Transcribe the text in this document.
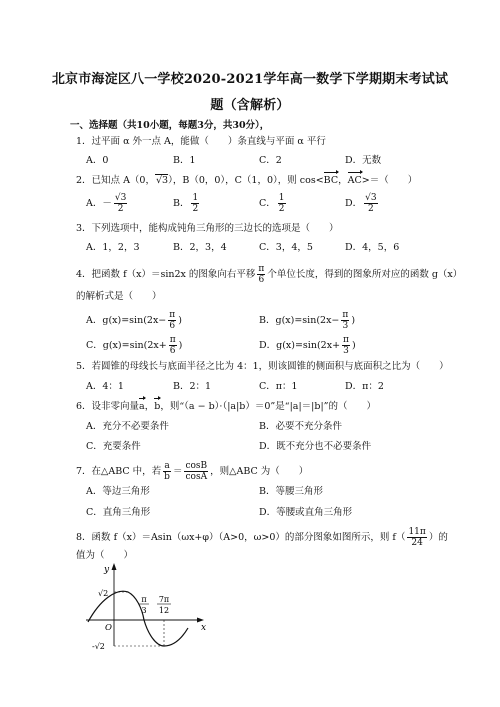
北京市海淀区八一学校2020-2021学年高一数学下学期期末考试试
题（含解析）
一、选择题（共10小题，每题3分，共30分），
1．过平面 α 外一点 A，能做（　　）条直线与平面 α 平行
A．0	B．1	C．2	D．无数
2．已知点 A（0，√3），B（0，0），C（1，0），则 cos<BC，AC>＝（　　）
A．－ $\frac{√3}{2}$	B． $\frac{1}{2}$	C． $\frac{1}{2}$	D． $\frac{√3}{2}$
3．下列选项中，能构成钝角三角形的三边长的选项是（　　）
A．1，2，3	B．2，3，4	C．3，4，5	D．4，5，6
4．把函数 f（x）＝sin2x 的图象向右平移 $\frac{\pi}{6}$ 个单位长度，得到的图象所对应的函数 g（x）
的解析式是（　　）
A．$g(x)=\sin(2x- \frac{\pi}{6}$ )	B．$g(x)=\sin(2x- \frac{\pi}{3}$ )
C．$g(x)=\sin(2x+ \frac{\pi}{6}$ )	D．$g(x)=\sin(2x+ \frac{\pi}{3}$ )
5．若圆锥的母线长与底面半径之比为 4：1，则该圆锥的侧面积与底面积之比为（　　）
A．4：1	B．2：1	C．π：1	D．π：2
6．设非零向量a，b，则“（a − b）·（|a|b）＝0”是“|a|＝|b|”的（　　）
A．充分不必要条件	B．必要不充分条件
C．充要条件	D．既不充分也不必要条件
7．在△ABC 中，若 $\frac{a}{b} = \frac{\cos B}{\cos A}$ ，则△ABC 为（　　）
A．等边三角形	B．等腰三角形
C．直角三角形	D．等腰或直角三角形
8．函数 f（x）＝Asin（ωx+φ）（A>0，ω>0）的部分图象如图所示，则 $f( \frac{11\pi}{24}$ ）的
值为（　　）
y
x
O
√2
-√2
π
3
7π
12
